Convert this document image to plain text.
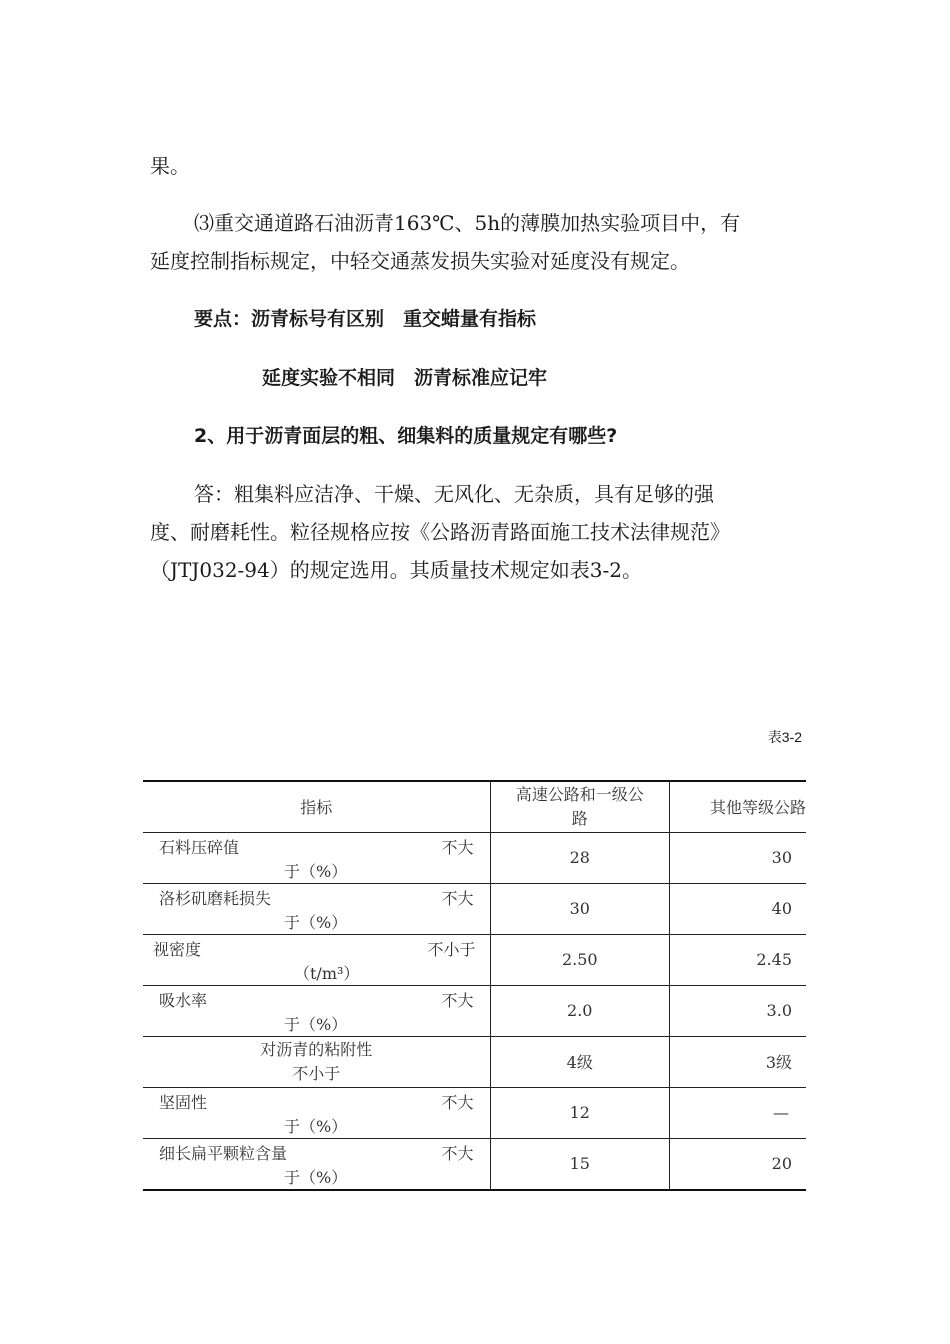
果。
⑶重交通道路石油沥青163℃、5h的薄膜加热实验项目中，有
延度控制指标规定，中轻交通蒸发损失实验对延度没有规定。
要点：沥青标号有区别　重交蜡量有指标
延度实验不相同　沥青标准应记牢
2、用于沥青面层的粗、细集料的质量规定有哪些?
答：粗集料应洁净、干燥、无风化、无杂质，具有足够的强
度、耐磨耗性。粒径规格应按《公路沥青路面施工技术法律规范》
（JTJ032-94）的规定选用。其质量技术规定如表3-2。
表3-2
指标	高速公路和一级公
路	其他等级公路

石料压碎值 不大
于（%）	28	30

洛杉矶磨耗损失 不大
于（%）	30	40

视密度 不小于
（t/m³）	2.50	2.45

吸水率 不大
于（%）	2.0	3.0

对沥青的粘附性
不小于	4级	3级

坚固性 不大
于（%）	12	—

细长扁平颗粒含量 不大
于（%）	15	20
